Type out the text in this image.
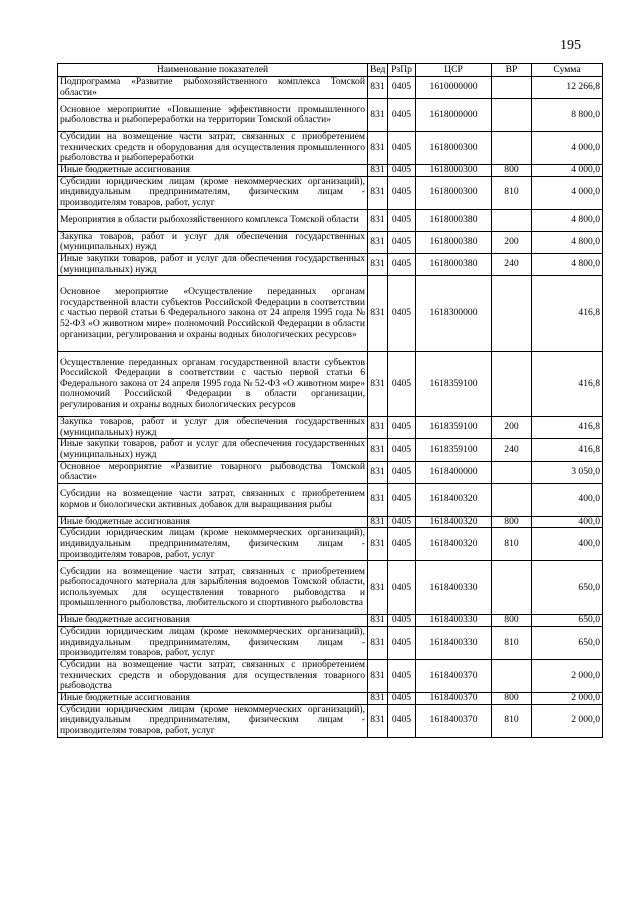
195
Наименование показателей	Вед	РзПр	ЦСР	ВР	Сумма
Подпрограмма «Развитие рыбохозяйственного комплекса Томской области»	831	0405	1610000000		12 266,8
Основное мероприятие «Повышение эффективности промышленного рыболовства и рыбопереработки на территории Томской области»	831	0405	1618000000		8 800,0
Субсидии на возмещение части затрат, связанных с приобретением технических средств и оборудования для осуществления промышленного рыболовства и рыбопереработки	831	0405	1618000300		4 000,0
Иные бюджетные ассигнования	831	0405	1618000300	800	4 000,0
Субсидии юридическим лицам (кроме некоммерческих организаций), индивидуальным предпринимателям, физическим лицам - производителям товаров, работ, услуг	831	0405	1618000300	810	4 000,0
Мероприятия в области рыбохозяйственного комплекса Томской области	831	0405	1618000380		4 800,0
Закупка товаров, работ и услуг для обеспечения государственных (муниципальных) нужд	831	0405	1618000380	200	4 800,0
Иные закупки товаров, работ и услуг для обеспечения государственных (муниципальных) нужд	831	0405	1618000380	240	4 800,0
Основное мероприятие «Осуществление переданных органам государственной власти субъектов Российской Федерации в соответствии с частью первой статьи 6 Федерального закона от 24 апреля 1995 года № 52-ФЗ «О животном мире» полномочий Российской Федерации в области организации, регулирования и охраны водных биологических ресурсов»	831	0405	1618300000		416,8
Осуществление переданных органам государственной власти субъектов Российской Федерации в соответствии с частью первой статьи 6 Федерального закона от 24 апреля 1995 года № 52-ФЗ «О животном мире» полномочий Российской Федерации в области организации, регулирования и охраны водных биологических ресурсов	831	0405	1618359100		416,8
Закупка товаров, работ и услуг для обеспечения государственных (муниципальных) нужд	831	0405	1618359100	200	416,8
Иные закупки товаров, работ и услуг для обеспечения государственных (муниципальных) нужд	831	0405	1618359100	240	416,8
Основное мероприятие «Развитие товарного рыбоводства Томской области»	831	0405	1618400000		3 050,0
Субсидии на возмещение части затрат, связанных с приобретением кормов и биологически активных добавок для выращивания рыбы	831	0405	1618400320		400,0
Иные бюджетные ассигнования	831	0405	1618400320	800	400,0
Субсидии юридическим лицам (кроме некоммерческих организаций), индивидуальным предпринимателям, физическим лицам - производителям товаров, работ, услуг	831	0405	1618400320	810	400,0
Субсидии на возмещение части затрат, связанных с приобретением рыбопосадочного материала для зарыбления водоемов Томской области, используемых для осуществления товарного рыбоводства и промышленного рыболовства, любительского и спортивного рыболовства	831	0405	1618400330		650,0
Иные бюджетные ассигнования	831	0405	1618400330	800	650,0
Субсидии юридическим лицам (кроме некоммерческих организаций), индивидуальным предпринимателям, физическим лицам - производителям товаров, работ, услуг	831	0405	1618400330	810	650,0
Субсидии на возмещение части затрат, связанных с приобретением технических средств и оборудования для осуществления товарного рыбоводства	831	0405	1618400370		2 000,0
Иные бюджетные ассигнования	831	0405	1618400370	800	2 000,0
Субсидии юридическим лицам (кроме некоммерческих организаций), индивидуальным предпринимателям, физическим лицам - производителям товаров, работ, услуг	831	0405	1618400370	810	2 000,0
